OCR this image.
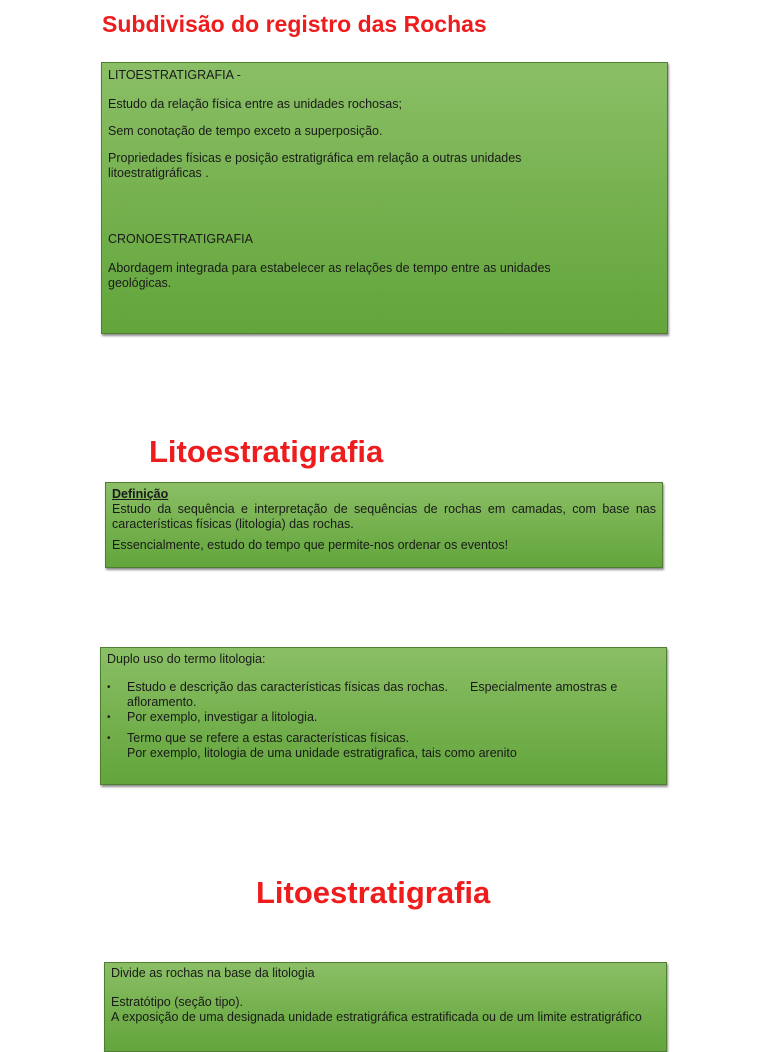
Subdivisão do registro das Rochas

LITOESTRATIGRAFIA -

Estudo da relação física entre as unidades rochosas;

Sem conotação de tempo exceto a superposição.

Propriedades físicas e posição estratigráfica em relação a outras unidades

litoestratigráficas .

CRONOESTRATIGRAFIA

Abordagem integrada para estabelecer as relações de tempo entre as unidades

geológicas.

Litoestratigrafia

Definição

Estudo da sequência e interpretação de sequências de rochas em camadas, com base nas características físicas (litologia) das rochas.

Essencialmente, estudo do tempo que permite-nos ordenar os eventos!

Duplo uso do termo litologia:

• Estudo e descrição das características físicas das rochas. Especialmente amostras e afloramento.
• Por exemplo, investigar a litologia.
• Termo que se refere a estas características físicas.
Por exemplo, litologia de uma unidade estratigrafica, tais como arenito
Litoestratigrafia

Divide as rochas na base da litologia

Estratótipo (seção tipo).

A exposição de uma designada unidade estratigráfica estratificada ou de um limite estratigráfico
